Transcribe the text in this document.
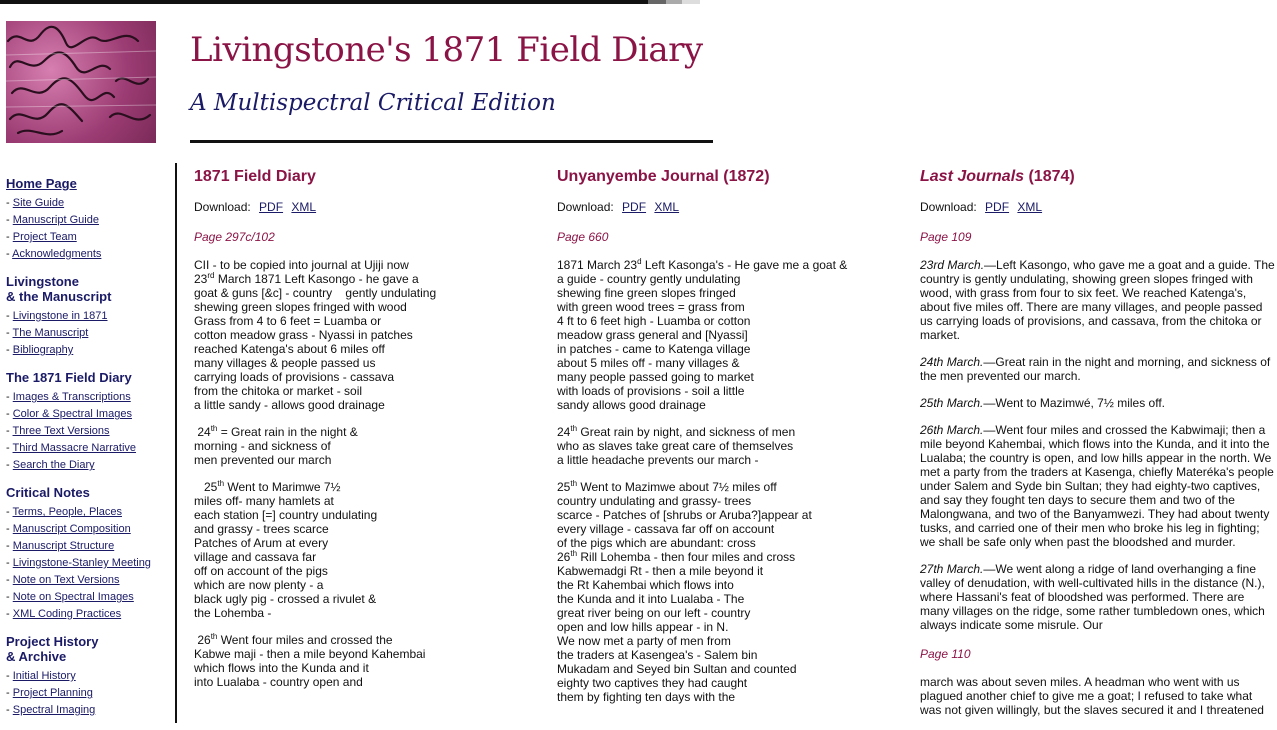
Livingstone's 1871 Field Diary
A Multispectral Critical Edition

Home Page

- Site Guide
- Manuscript Guide
- Project Team
- Acknowledgments

Livingstone
& the Manuscript

- Livingstone in 1871
- The Manuscript
- Bibliography

The 1871 Field Diary

- Images & Transcriptions
- Color & Spectral Images
- Three Text Versions
- Third Massacre Narrative
- Search the Diary

Critical Notes

- Terms, People, Places
- Manuscript Composition
- Manuscript Structure
- Livingstone-Stanley Meeting
- Note on Text Versions
- Note on Spectral Images
- XML Coding Practices

Project History
& Archive

- Initial History
- Project Planning
- Spectral Imaging
1871 Field Diary
Download: PDF XML
Page 297c/102
CII - to be copied into journal at Ujiji now
23rd March 1871 Left Kasongo - he gave a
goat & guns [&c] - country    gently undulating
shewing green slopes fringed with wood
Grass from 4 to 6 feet = Luamba or
cotton meadow grass - Nyassi in patches
reached Katenga's about 6 miles off
many villages & people passed us
carrying loads of provisions - cassava
from the chitoka or market - soil
a little sandy - allows good drainage
24th = Great rain in the night &
morning - and sickness of
men prevented our march
25th Went to Marimwe 7½
miles off- many hamlets at
each station [=] country undulating
and grassy - trees scarce
Patches of Arum at every
village and cassava far
off on account of the pigs
which are now plenty - a
black ugly pig - crossed a rivulet &
the Lohemba -
26th Went four miles and crossed the
Kabwe maji - then a mile beyond Kahembai
which flows into the Kunda and it
into Lualaba - country open and
Unyanyembe Journal (1872)
Download: PDF XML
Page 660
1871 March 23$^d$ Left Kasonga's - He gave me a goat &
a guide - country gently undulating
shewing fine green slopes fringed
with green wood trees = grass from
4 ft to 6 feet high - Luamba or cotton
meadow grass general and [Nyassi]
in patches - came to Katenga village
about 5 miles off - many villages &
many people passed going to market
with loads of provisions - soil a little
sandy allows good drainage
24th Great rain by night, and sickness of men
who as slaves take great care of themselves
a little headache prevents our march -
25th Went to Mazimwe about 7½ miles off
country undulating and grassy- trees
scarce - Patches of [shrubs or Aruba?]appear at
every village - cassava far off on account
of the pigs which are abundant: cross
26th Rill Lohemba - then four miles and cross
Kabwemadgi Rt - then a mile beyond it
the Rt Kahembai which flows into
the Kunda and it into Lualaba - The
great river being on our left - country
open and low hills appear - in N.
We now met a party of men from
the traders at Kasengea's - Salem bin
Mukadam and Seyed bin Sultan and counted
eighty two captives they had caught
them by fighting ten days with the
Last Journals (1874)
Download: PDF XML
Page 109
23rd March.—Left Kasongo, who gave me a goat and a guide. The country is gently undulating, showing green slopes fringed with wood, with grass from four to six feet. We reached Katenga's, about five miles off. There are many villages, and people passed us carrying loads of provisions, and cassava, from the chitoka or market.
24th March.—Great rain in the night and morning, and sickness of the men prevented our march.
25th March.—Went to Mazimwé, 7½ miles off.
26th March.—Went four miles and crossed the Kabwimaji; then a mile beyond Kahembai, which flows into the Kunda, and it into the Lualaba; the country is open, and low hills appear in the north. We met a party from the traders at Kasenga, chiefly Materéka's people under Salem and Syde bin Sultan; they had eighty-two captives, and say they fought ten days to secure them and two of the Malongwana, and two of the Banyamwezi. They had about twenty tusks, and carried one of their men who broke his leg in fighting; we shall be safe only when past the bloodshed and murder.
27th March.—We went along a ridge of land overhanging a fine valley of denudation, with well-cultivated hills in the distance (N.), where Hassani's feat of bloodshed was performed. There are many villages on the ridge, some rather tumbledown ones, which always indicate some misrule. Our
Page 110
march was about seven miles. A headman who went with us plagued another chief to give me a goat; I refused to take what was not given willingly, but the slaves secured it and I threatened
